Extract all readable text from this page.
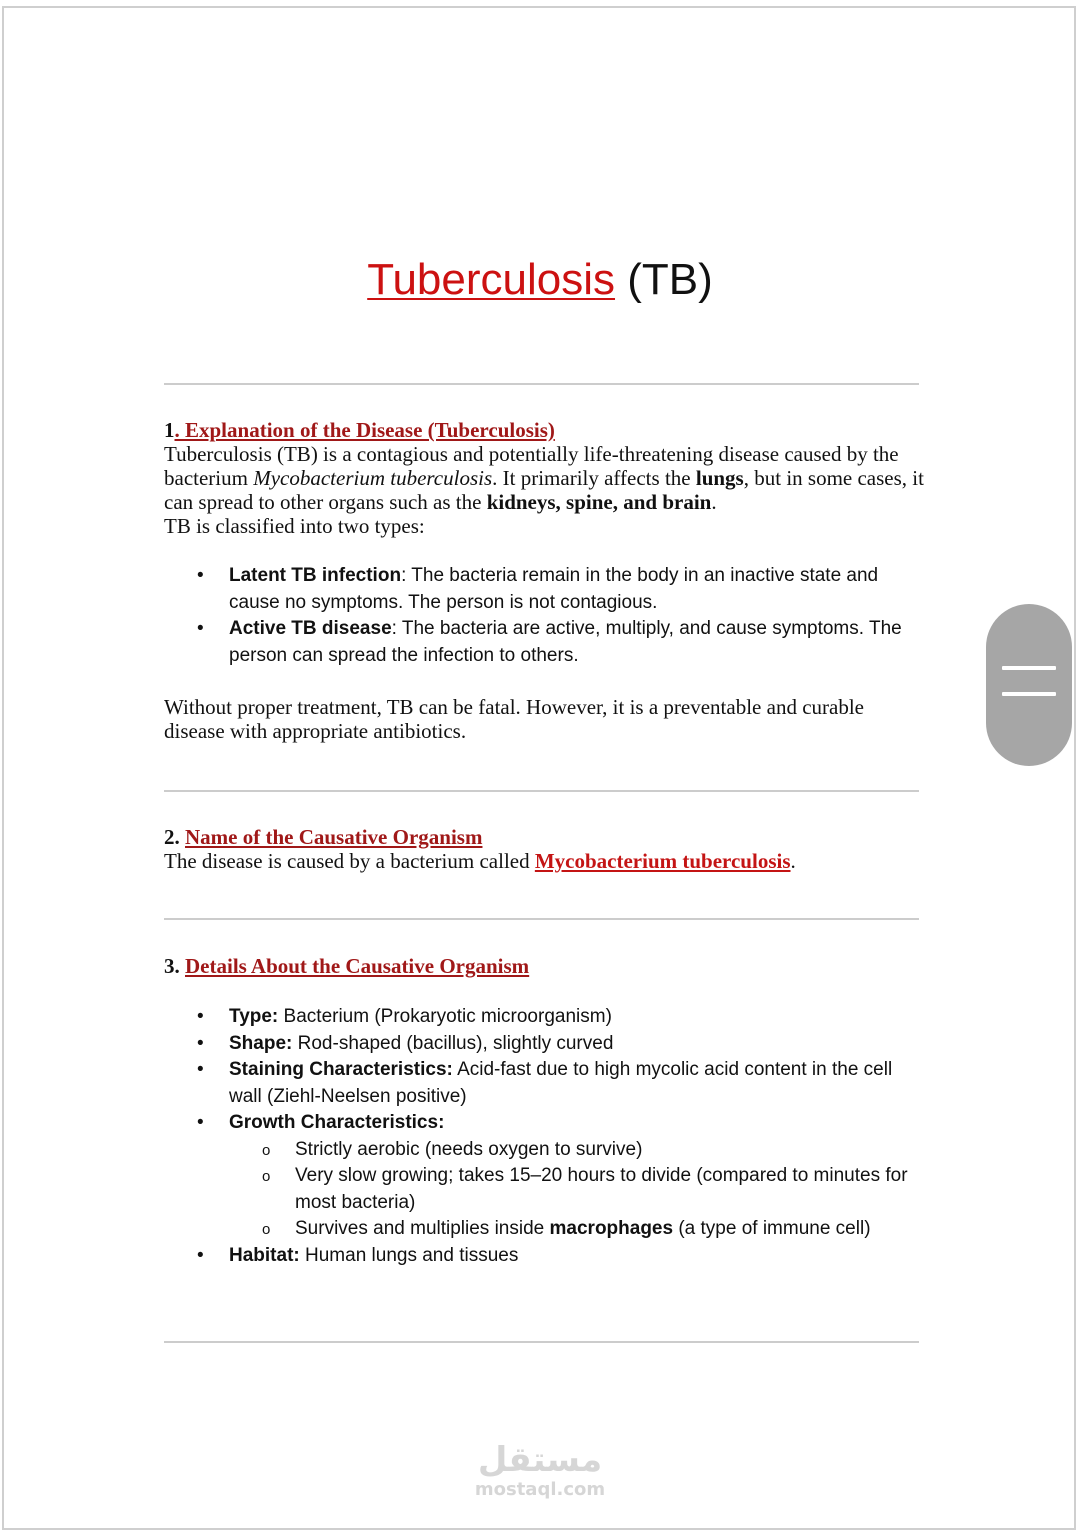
Tuberculosis (TB)
1. Explanation of the Disease (Tuberculosis)
Tuberculosis (TB) is a contagious and potentially life-threatening disease caused by the bacterium Mycobacterium tuberculosis. It primarily affects the lungs, but in some cases, it can spread to other organs such as the kidneys, spine, and brain.
TB is classified into two types:
• Latent TB infection: The bacteria remain in the body in an inactive state and cause no symptoms. The person is not contagious.
• Active TB disease: The bacteria are active, multiply, and cause symptoms. The person can spread the infection to others.
Without proper treatment, TB can be fatal. However, it is a preventable and curable disease with appropriate antibiotics.
2. Name of the Causative Organism
The disease is caused by a bacterium called Mycobacterium tuberculosis.
3. Details About the Causative Organism
• Type: Bacterium (Prokaryotic microorganism)
• Shape: Rod-shaped (bacillus), slightly curved
• Staining Characteristics: Acid-fast due to high mycolic acid content in the cell wall (Ziehl-Neelsen positive)
• Growth Characteristics:
o Strictly aerobic (needs oxygen to survive)
o Very slow growing; takes 15–20 hours to divide (compared to minutes for most bacteria)
o Survives and multiplies inside macrophages (a type of immune cell)
• Habitat: Human lungs and tissues
مستقل
mostaql.com
